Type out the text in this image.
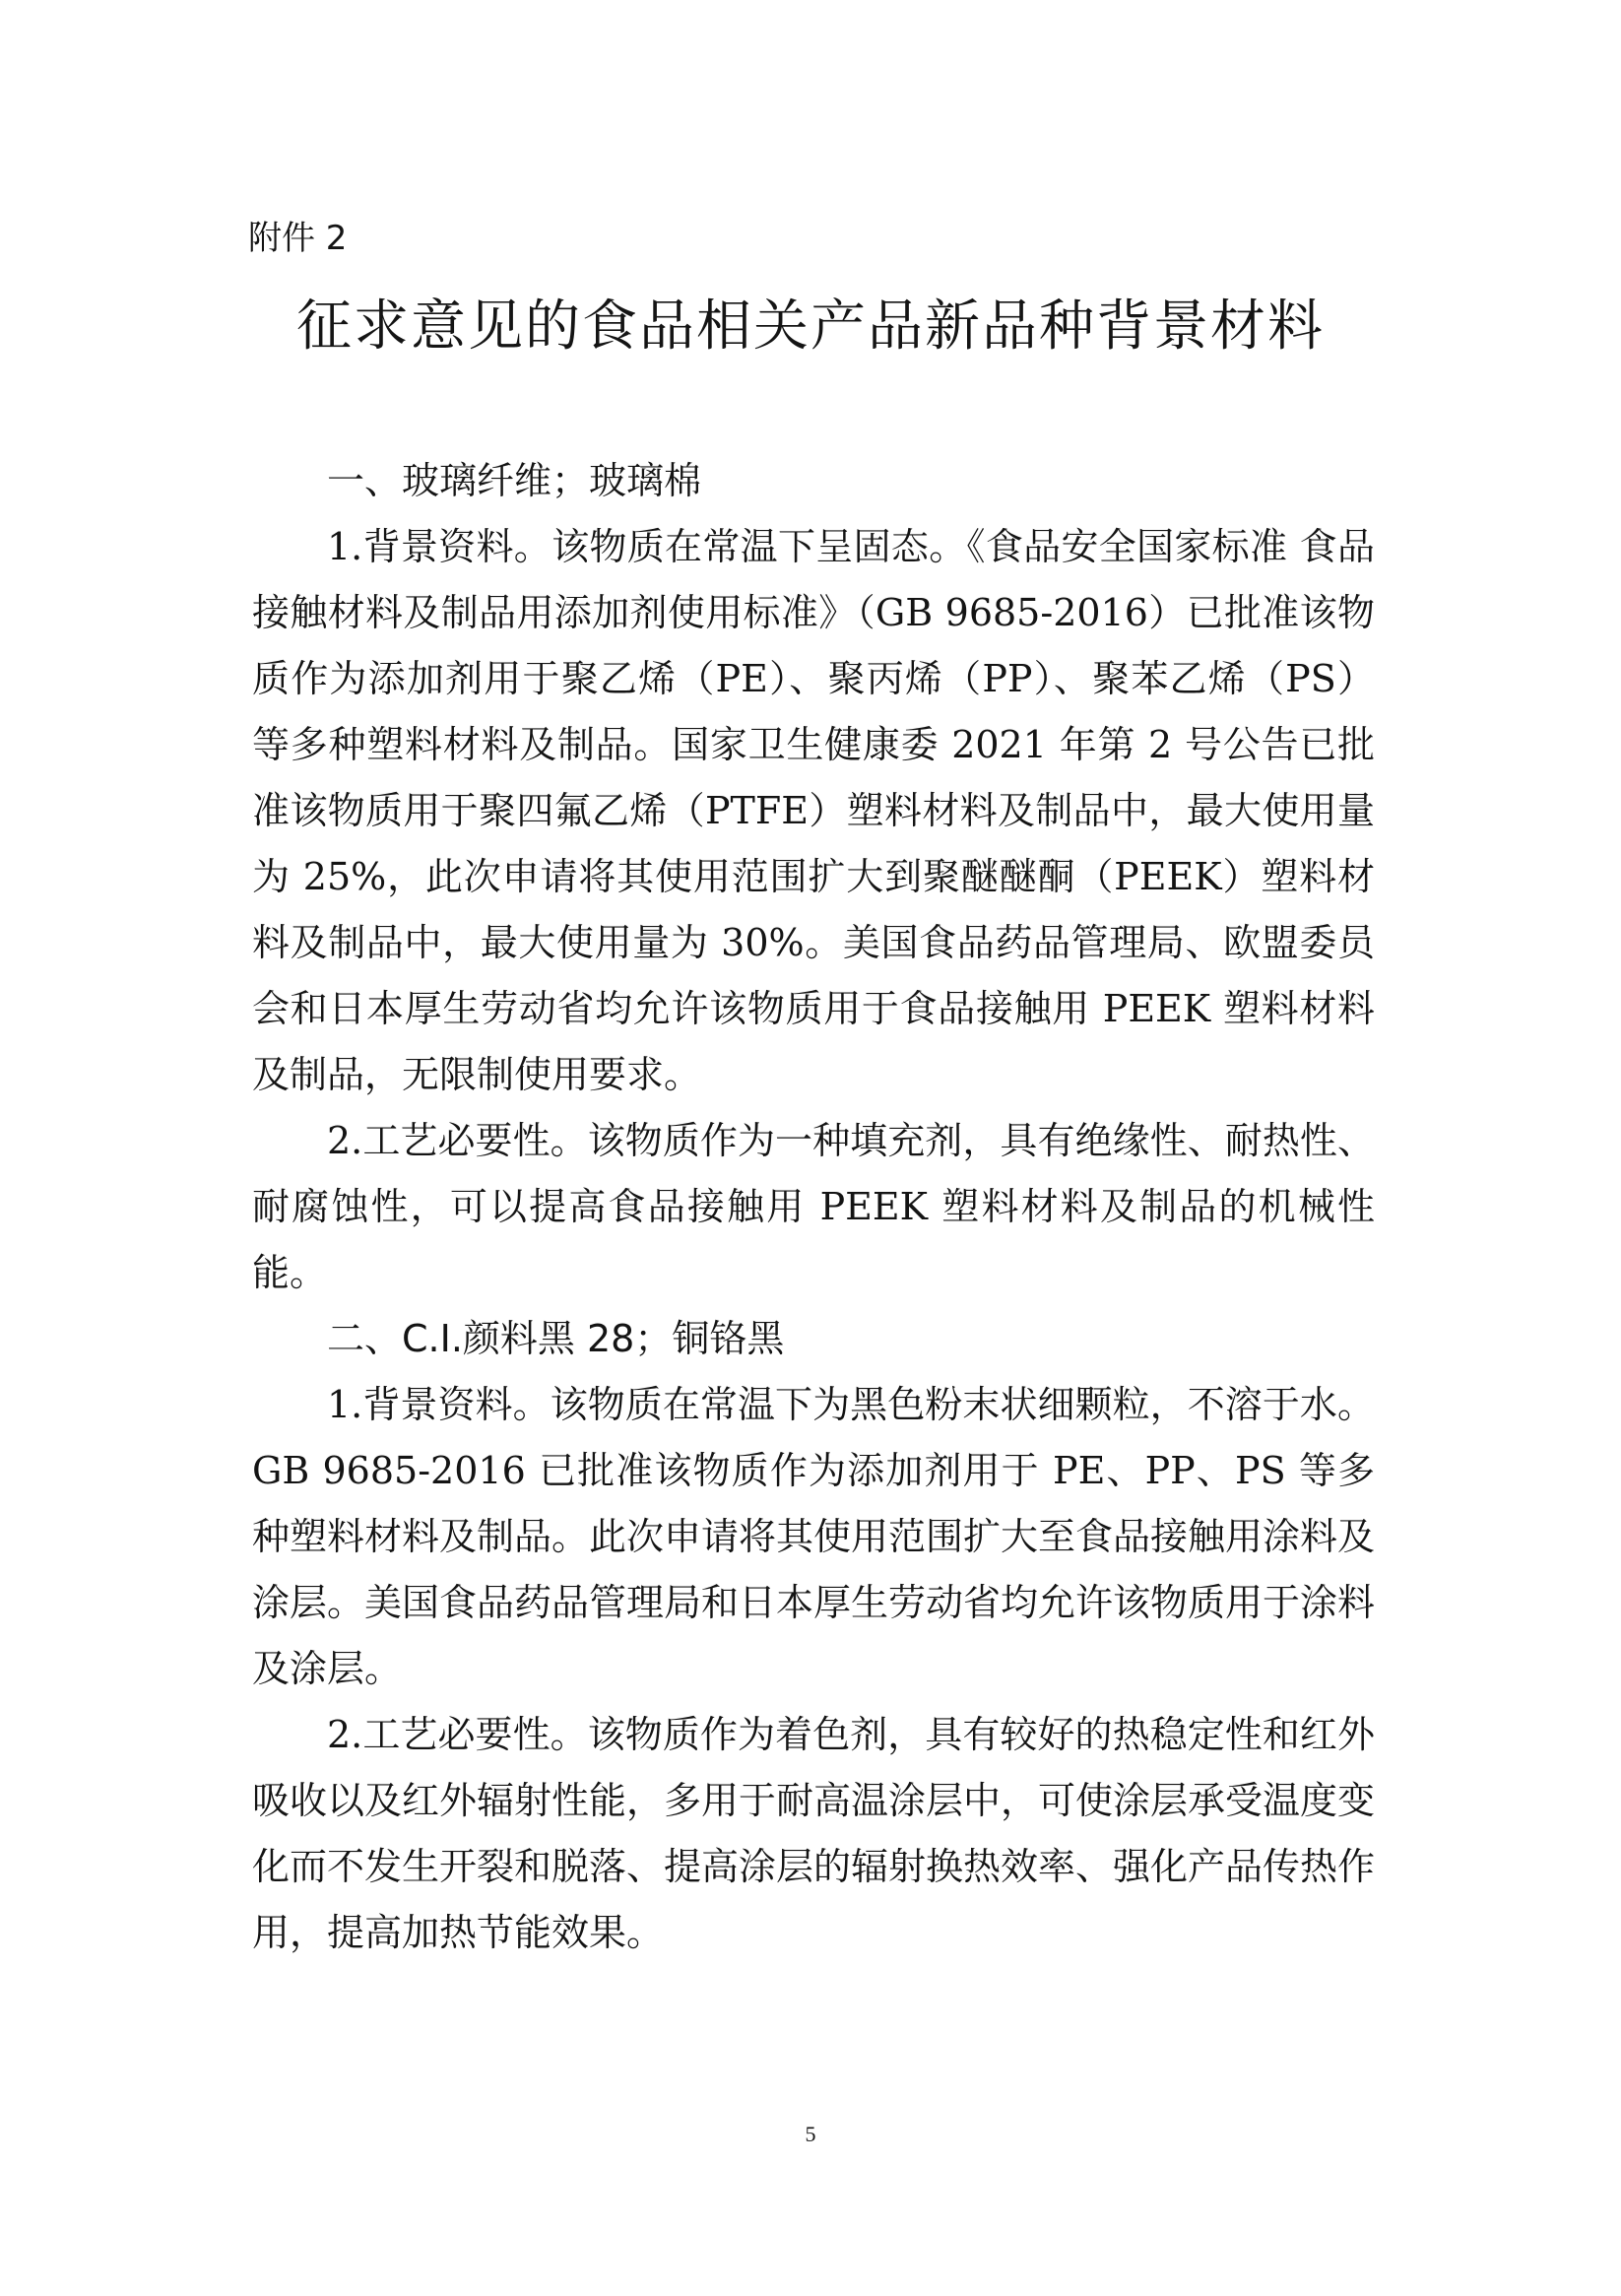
附件 2
征求意见的食品相关产品新品种背景材料

一、玻璃纤维；玻璃棉

1.背景资料。该物质在常温下呈固态。《食品安全国家标准 食品接触材料及制品用添加剂使用标准》（GB 9685-2016）已批准该物质作为添加剂用于聚乙烯（PE）、聚丙烯（PP）、聚苯乙烯（PS）等多种塑料材料及制品。国家卫生健康委 2021 年第 2 号公告已批准该物质用于聚四氟乙烯（PTFE）塑料材料及制品中，最大使用量为 25%，此次申请将其使用范围扩大到聚醚醚酮（PEEK）塑料材料及制品中，最大使用量为 30%。美国食品药品管理局、欧盟委员会和日本厚生劳动省均允许该物质用于食品接触用 PEEK 塑料材料及制品，无限制使用要求。

2.工艺必要性。该物质作为一种填充剂，具有绝缘性、耐热性、耐腐蚀性，可以提高食品接触用 PEEK 塑料材料及制品的机械性能。

二、C.I.颜料黑 28；铜铬黑

1.背景资料。该物质在常温下为黑色粉末状细颗粒，不溶于水。GB 9685-2016 已批准该物质作为添加剂用于 PE、PP、PS 等多种塑料材料及制品。此次申请将其使用范围扩大至食品接触用涂料及涂层。美国食品药品管理局和日本厚生劳动省均允许该物质用于涂料及涂层。

2.工艺必要性。该物质作为着色剂，具有较好的热稳定性和红外吸收以及红外辐射性能，多用于耐高温涂层中，可使涂层承受温度变化而不发生开裂和脱落、提高涂层的辐射换热效率、强化产品传热作用，提高加热节能效果。

5
